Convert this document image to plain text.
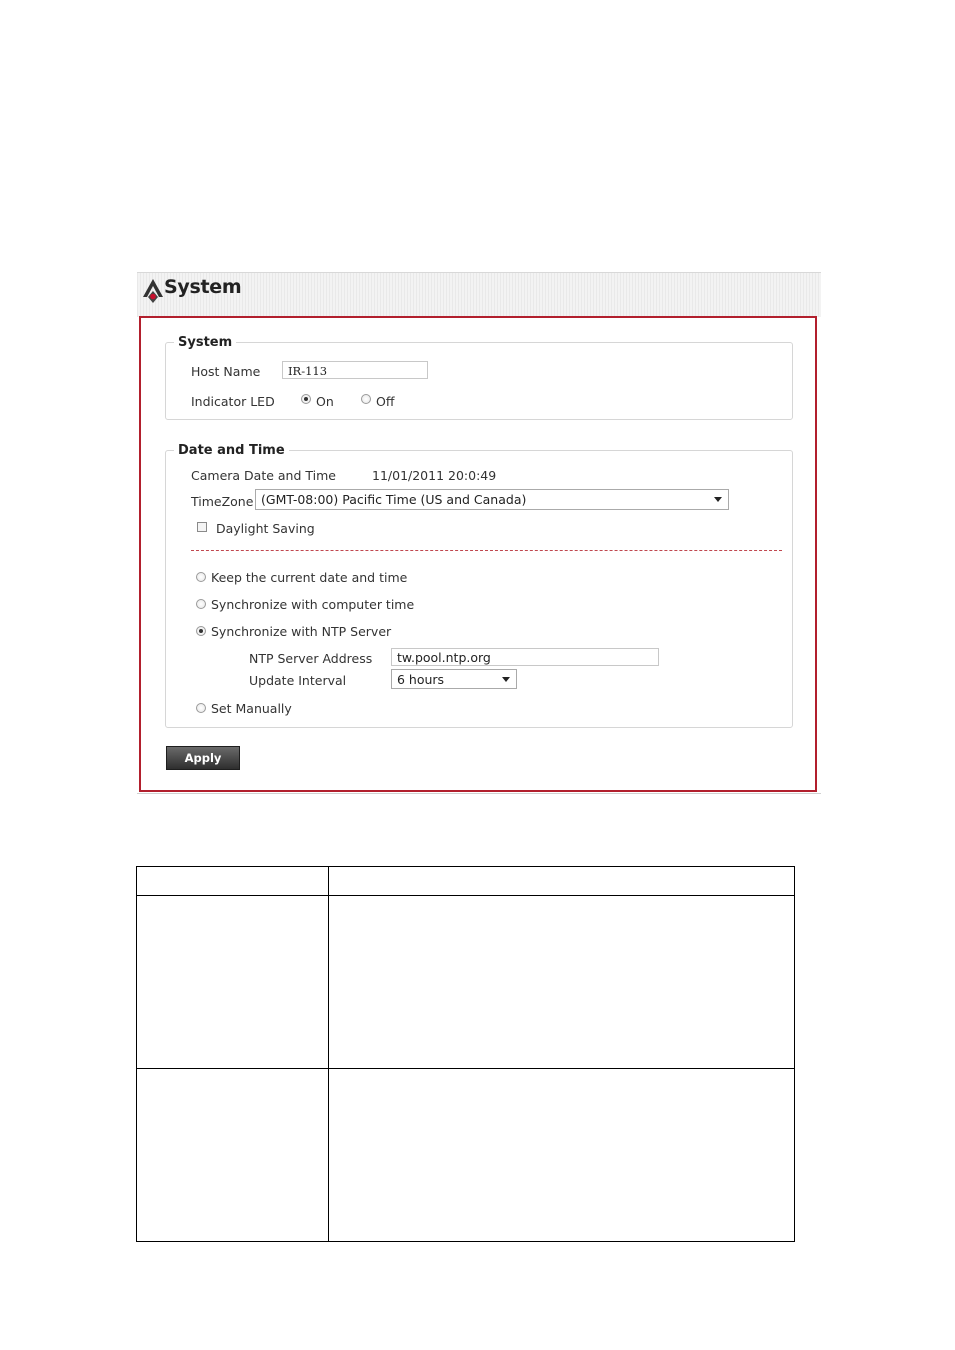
System
System
Host Name	IR-113
Indicator LED	On	Off
Date and Time
Camera Date and Time	11/01/2011 20:0:49
TimeZone (GMT-08:00) Pacific Time (US and Canada)
Daylight Saving
Keep the current date and time
Synchronize with computer time
Synchronize with NTP Server
NTP Server Address	tw.pool.ntp.org
Update Interval	6 hours
Set Manually
Apply
